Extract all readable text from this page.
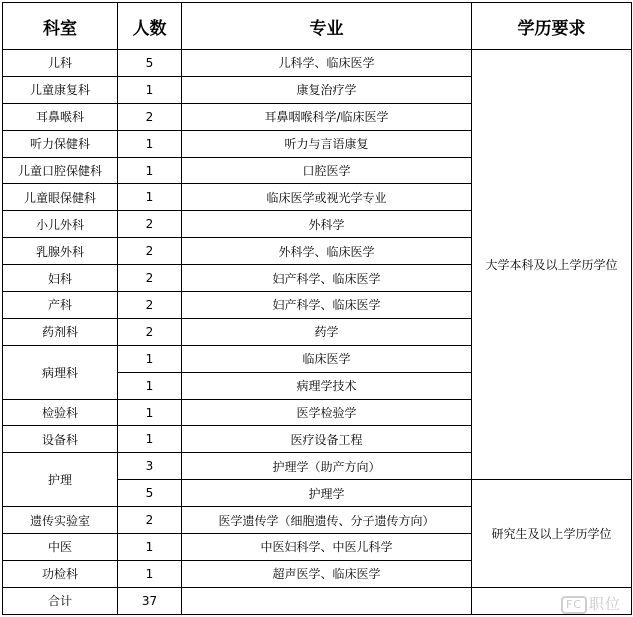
科室	人数	专业	学历要求
儿科	5	儿科学、临床医学	大学本科及以上学历学位
儿童康复科	1	康复治疗学	
耳鼻喉科	2	耳鼻咽喉科学/临床医学	
听力保健科	1	听力与言语康复	
儿童口腔保健科	1	口腔医学	
儿童眼保健科	1	临床医学或视光学专业	
小儿外科	2	外科学	
乳腺外科	2	外科学、临床医学	
妇科	2	妇产科学、临床医学	
产科	2	妇产科学、临床医学	
药剂科	2	药学	
病理科	1	临床医学	
	1	病理学技术	
检验科	1	医学检验学	
设备科	1	医疗设备工程	
护理	3	护理学（助产方向）	
	5	护理学	研究生及以上学历学位
遗传实验室	2	医学遗传学（细胞遗传、分子遗传方向）	
中医	1	中医妇科学、中医儿科学	
功检科	1	超声医学、临床医学	
合计	37			FC 职位
